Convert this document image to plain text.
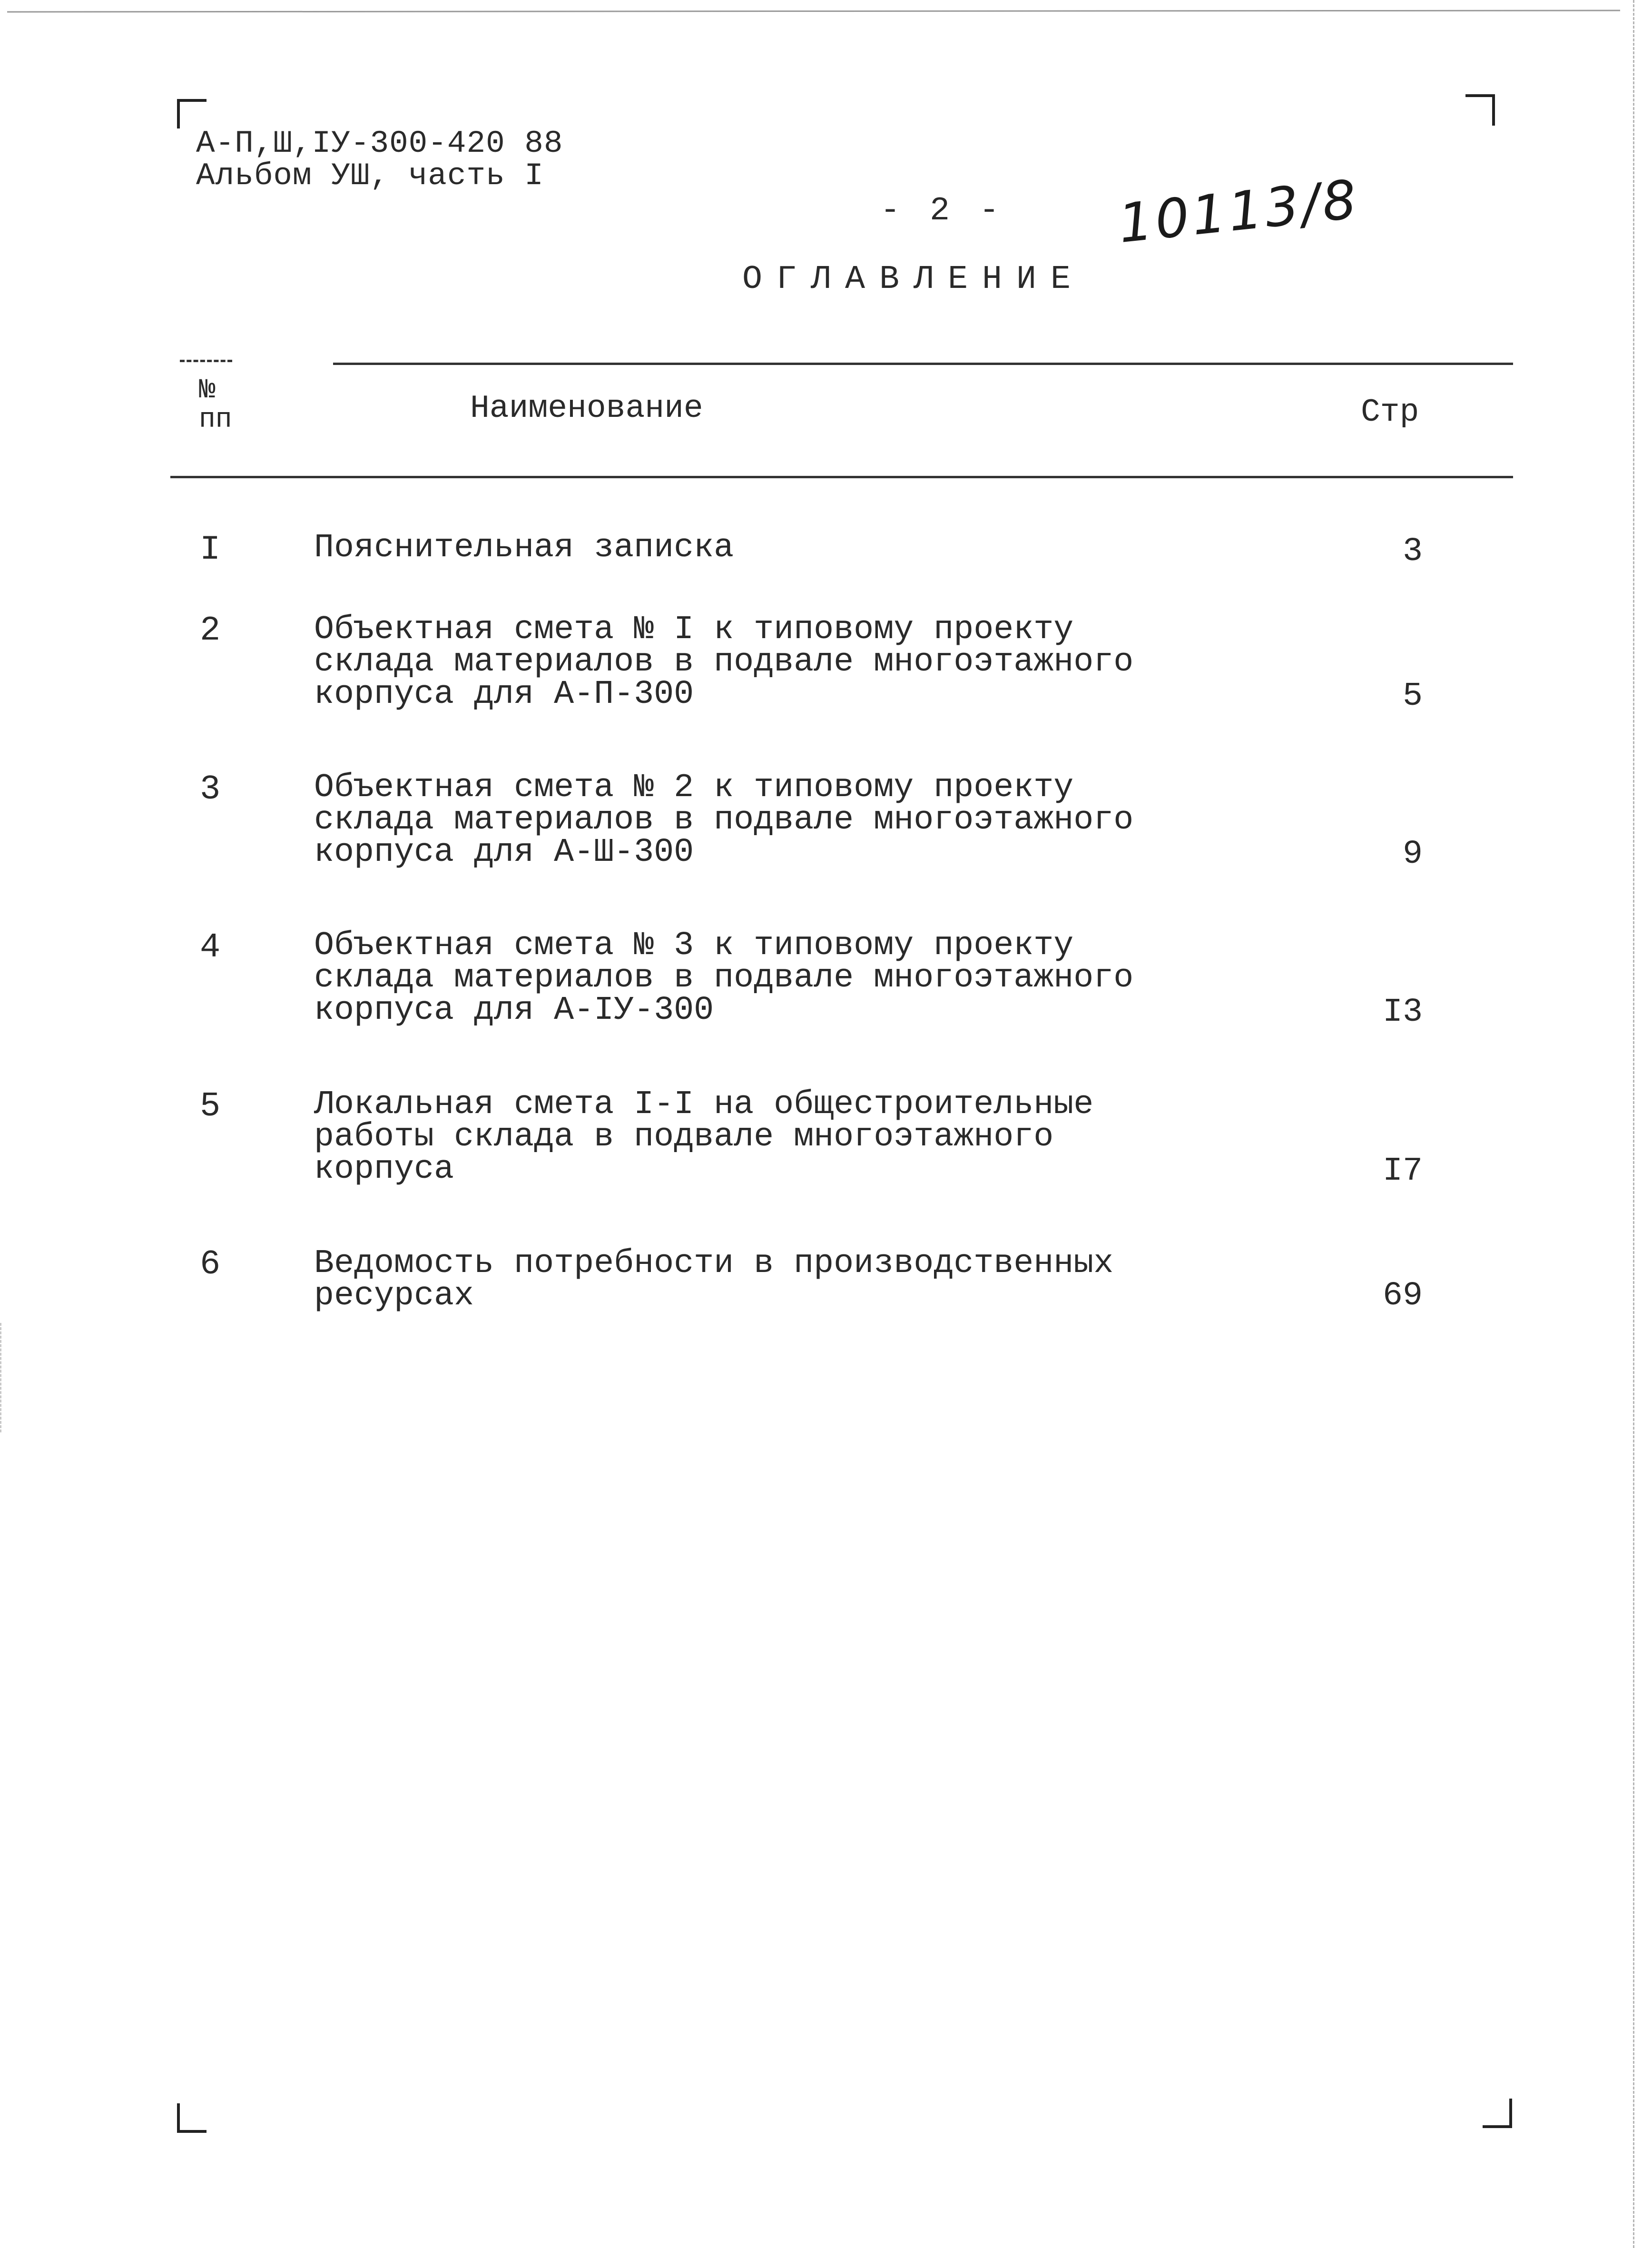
А-П,Ш,IУ-300-420 88
Альбом УШ, часть I
- 2 - 10113/8
ОГЛАВЛЕНИЕ
№
пп	Наименование	Стр
I	Пояснительная записка	3
2	Объектная смета № I к типовому проекту
склада материалов в подвале многоэтажного
корпуса для А-П-300	5
3	Объектная смета № 2 к типовому проекту
склада материалов в подвале многоэтажного
корпуса для А-Ш-300	9
4	Объектная смета № 3 к типовому проекту
склада материалов в подвале многоэтажного
корпуса для А-IУ-300	I3
5	Локальная смета I-I на общестроительные
работы склада в подвале многоэтажного
корпуса	I7
6	Ведомость потребности в производственных
ресурсах	69
